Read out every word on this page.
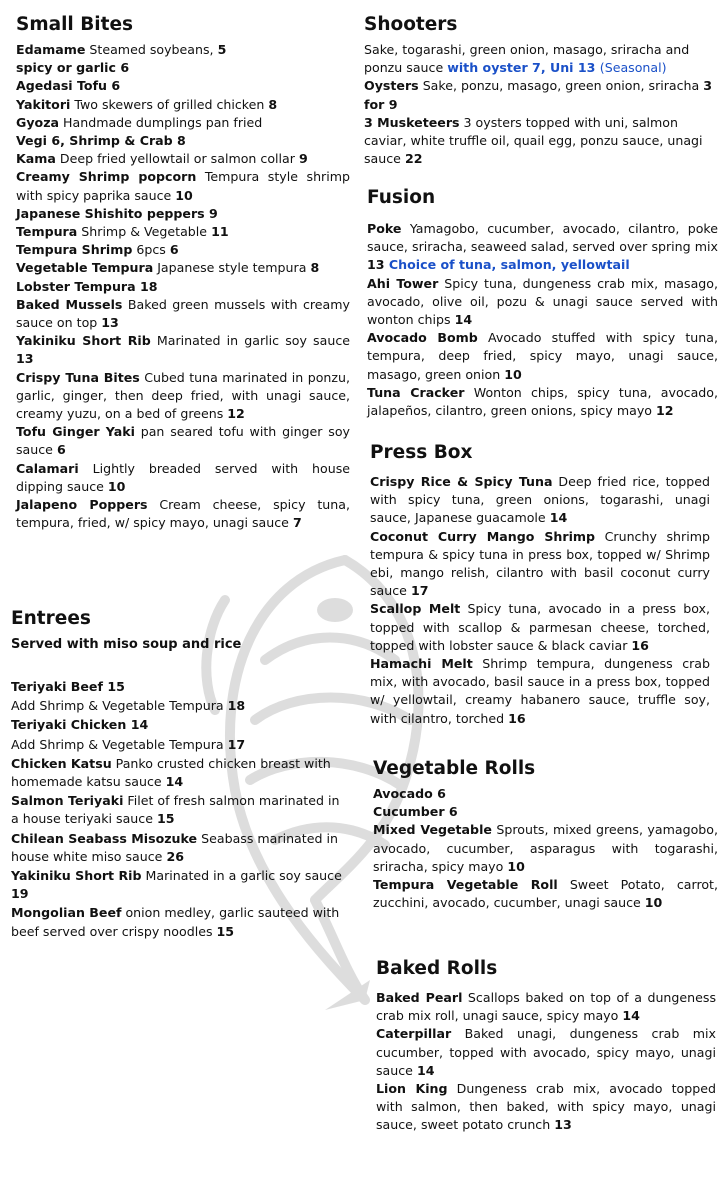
Small Bites

Edamame Steamed soybeans, 5

spicy or garlic 6

Agedasi Tofu 6

Yakitori Two skewers of grilled chicken 8

Gyoza Handmade dumplings pan fried

Vegi 6, Shrimp & Crab 8

Kama Deep fried yellowtail or salmon collar 9

Creamy Shrimp popcorn Tempura style shrimp with spicy paprika sauce 10

Japanese Shishito peppers 9

Tempura Shrimp & Vegetable 11

Tempura Shrimp 6pcs 6

Vegetable Tempura Japanese style tempura 8

Lobster Tempura 18

Baked Mussels Baked green mussels with creamy sauce on top 13

Yakiniku Short Rib Marinated in garlic soy sauce 13

Crispy Tuna Bites Cubed tuna marinated in ponzu, garlic, ginger, then deep fried, with unagi sauce, creamy yuzu, on a bed of greens 12

Tofu Ginger Yaki pan seared tofu with ginger soy sauce 6

Calamari Lightly breaded served with house dipping sauce 10

Jalapeno Poppers Cream cheese, spicy tuna, tempura, fried, w/ spicy mayo, unagi sauce 7

Entrees
Served with miso soup and rice

Teriyaki Beef 15

Add Shrimp & Vegetable Tempura 18

Teriyaki Chicken 14

Add Shrimp & Vegetable Tempura 17

Chicken Katsu Panko crusted chicken breast with homemade katsu sauce 14

Salmon Teriyaki Filet of fresh salmon marinated in a house teriyaki sauce 15

Chilean Seabass Misozuke Seabass marinated in house white miso sauce 26

Yakiniku Short Rib Marinated in a garlic soy sauce 19

Mongolian Beef onion medley, garlic sauteed with beef served over crispy noodles 15

Shooters

Sake, togarashi, green onion, masago, sriracha and ponzu sauce with oyster 7, Uni 13 (Seasonal)

Oysters Sake, ponzu, masago, green onion, sriracha 3 for 9

3 Musketeers 3 oysters topped with uni, salmon caviar, white truffle oil, quail egg, ponzu sauce, unagi sauce 22

Fusion

Poke Yamagobo, cucumber, avocado, cilantro, poke sauce, sriracha, seaweed salad, served over spring mix 13 Choice of tuna, salmon, yellowtail

Ahi Tower Spicy tuna, dungeness crab mix, masago, avocado, olive oil, pozu & unagi sauce served with wonton chips 14

Avocado Bomb Avocado stuffed with spicy tuna, tempura, deep fried, spicy mayo, unagi sauce, masago, green onion 10

Tuna Cracker Wonton chips, spicy tuna, avocado, jalapeños, cilantro, green onions, spicy mayo 12

Press Box

Crispy Rice & Spicy Tuna Deep fried rice, topped with spicy tuna, green onions, togarashi, unagi sauce, Japanese guacamole 14

Coconut Curry Mango Shrimp Crunchy shrimp tempura & spicy tuna in press box, topped w/ Shrimp ebi, mango relish, cilantro with basil coconut curry sauce 17

Scallop Melt Spicy tuna, avocado in a press box, topped with scallop & parmesan cheese, torched, topped with lobster sauce & black caviar 16

Hamachi Melt Shrimp tempura, dungeness crab mix, with avocado, basil sauce in a press box, topped w/ yellowtail, creamy habanero sauce, truffle soy, with cilantro, torched 16

Vegetable Rolls

Avocado 6

Cucumber 6

Mixed Vegetable Sprouts, mixed greens, yamagobo, avocado, cucumber, asparagus with togarashi, sriracha, spicy mayo 10

Tempura Vegetable Roll Sweet Potato, carrot, zucchini, avocado, cucumber, unagi sauce 10

Baked Rolls

Baked Pearl Scallops baked on top of a dungeness crab mix roll, unagi sauce, spicy mayo 14

Caterpillar Baked unagi, dungeness crab mix cucumber, topped with avocado, spicy mayo, unagi sauce 14

Lion King Dungeness crab mix, avocado topped with salmon, then baked, with spicy mayo, unagi sauce, sweet potato crunch 13
